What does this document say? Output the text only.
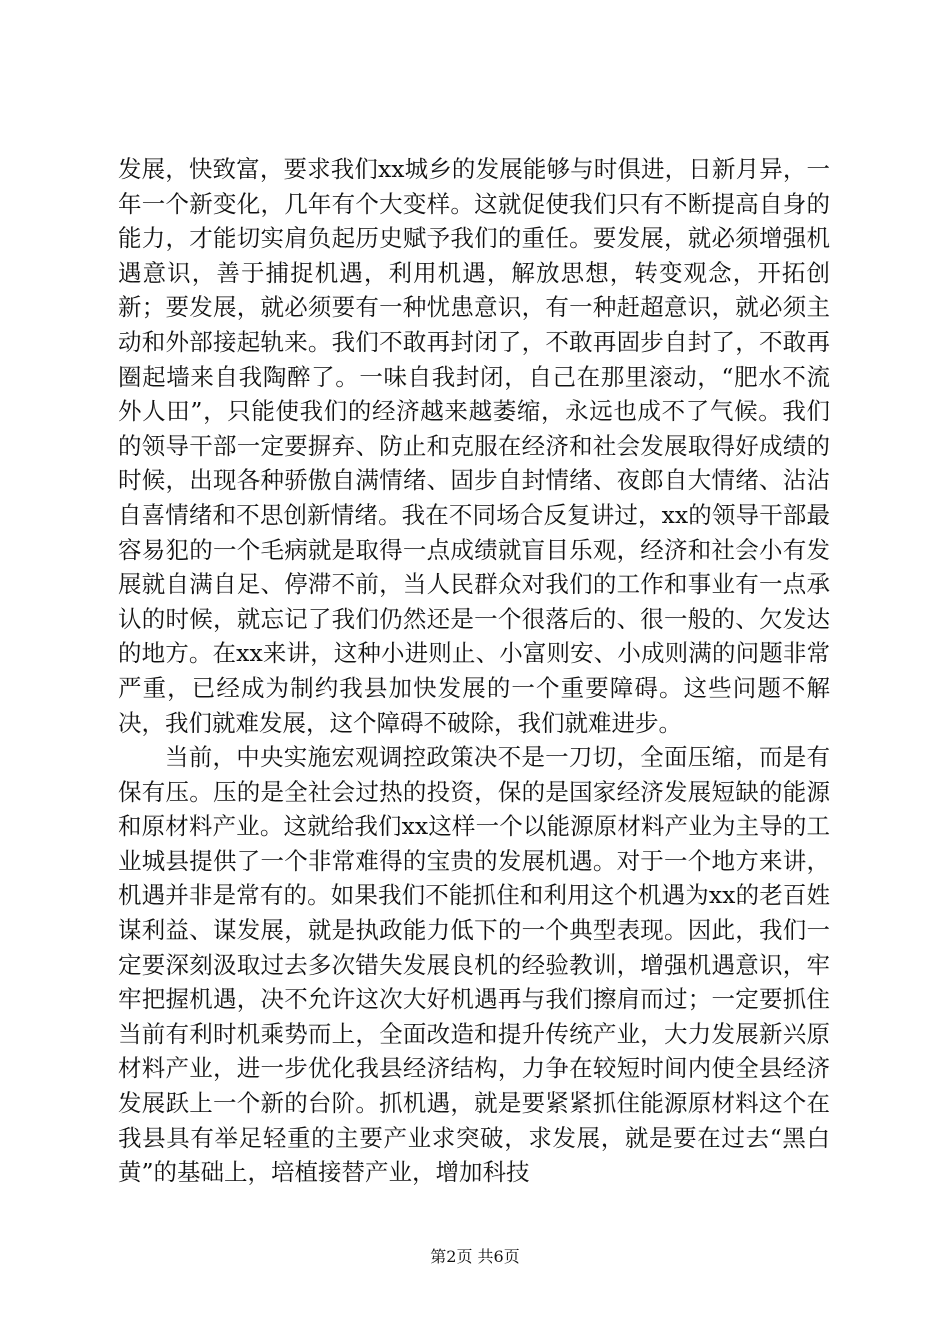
发展，快致富，要求我们xx城乡的发展能够与时俱进，日新月异，一年一个新变化，几年有个大变样。这就促使我们只有不断提高自身的能力，才能切实肩负起历史赋予我们的重任。要发展，就必须增强机遇意识，善于捕捉机遇，利用机遇，解放思想，转变观念，开拓创新；要发展，就必须要有一种忧患意识，有一种赶超意识，就必须主动和外部接起轨来。我们不敢再封闭了，不敢再固步自封了，不敢再圈起墙来自我陶醉了。一味自我封闭，自己在那里滚动，“肥水不流外人田”，只能使我们的经济越来越萎缩，永远也成不了气候。我们的领导干部一定要摒弃、防止和克服在经济和社会发展取得好成绩的时候，出现各种骄傲自满情绪、固步自封情绪、夜郎自大情绪、沾沾自喜情绪和不思创新情绪。我在不同场合反复讲过，xx的领导干部最容易犯的一个毛病就是取得一点成绩就盲目乐观，经济和社会小有发展就自满自足、停滞不前，当人民群众对我们的工作和事业有一点承认的时候，就忘记了我们仍然还是一个很落后的、很一般的、欠发达的地方。在xx来讲，这种小进则止、小富则安、小成则满的问题非常严重，已经成为制约我县加快发展的一个重要障碍。这些问题不解决，我们就难发展，这个障碍不破除，我们就难进步。

当前，中央实施宏观调控政策决不是一刀切，全面压缩，而是有保有压。压的是全社会过热的投资，保的是国家经济发展短缺的能源和原材料产业。这就给我们xx这样一个以能源原材料产业为主导的工业城县提供了一个非常难得的宝贵的发展机遇。对于一个地方来讲，机遇并非是常有的。如果我们不能抓住和利用这个机遇为xx的老百姓谋利益、谋发展，就是执政能力低下的一个典型表现。因此，我们一定要深刻汲取过去多次错失发展良机的经验教训，增强机遇意识，牢牢把握机遇，决不允许这次大好机遇再与我们擦肩而过；一定要抓住当前有利时机乘势而上，全面改造和提升传统产业，大力发展新兴原材料产业，进一步优化我县经济结构，力争在较短时间内使全县经济发展跃上一个新的台阶。抓机遇，就是要紧紧抓住能源原材料这个在我县具有举足轻重的主要产业求突破，求发展，就是要在过去“黑白黄”的基础上，培植接替产业，增加科技

第2页 共6页
